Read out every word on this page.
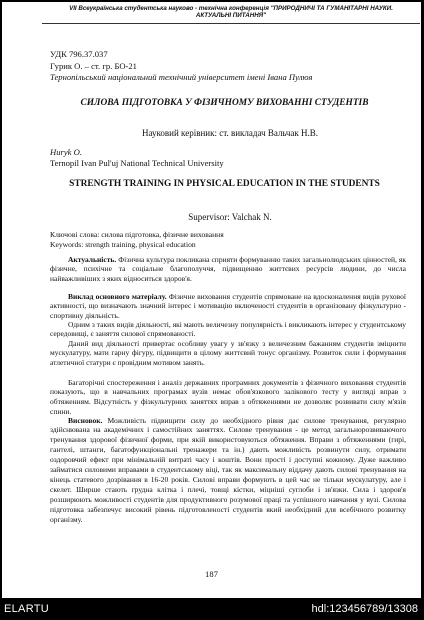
VII Всеукраїнська студентська науково - технічна конференція "ПРИРОДНИЧІ ТА ГУМАНІТАРНІ НАУКИ.
АКТУАЛЬНІ ПИТАННЯ"
УДК 796.37.037
Гурик О. – ст. гр. БО-21
Тернопільський національний технічний університет імені Івана Пулюя
СИЛОВА ПІДГОТОВКА У ФІЗИЧНОМУ ВИХОВАННІ СТУДЕНТІВ
Науковий керівник: ст. викладач Вальчак Н.В.
Huryk O.
Ternopil Ivan Pul'uj National Technical University
STRENGTH TRAINING IN PHYSICAL EDUCATION IN THE STUDENTS
Supervisor: Valchak N.
Ключові слова: силова підготовка, фізичне виховання
Keywords: strength training, physical education

Актуальність. Фізична культура покликана сприяти формуванню таких загальнолюдських цінностей, як фізичне, психічне та соціальне благополуччя, підвищенню життєвих ресурсів людини, до числа найважливіших з яких відноситься здоров'я.

Виклад основного матеріалу. Фізичне виховання студентів спрямоване на вдосконалення видів рухової активності, що визначають значний інтерес і мотивацію включеності студентів в організовану фізкультурно - спортивну діяльність.

Одним з таких видів діяльності, які мають величезну популярність і викликають інтерес у студентському середовищі, є заняття силової спрямованості.

Даний вид діяльності привертає особливу увагу у зв'язку з величезним бажанням студентів зміцнити мускулатуру, мати гарну фігуру, підвищити в цілому життєвий тонус організму. Розвиток сили і формування атлетичної статури є провідним мотивом занять.

Багаторічні спостереження і аналіз державних програмних документів з фізичного виховання студентів показують, що в навчальних програмах вузів немає обов'язкового залікового тесту у вигляді вправ з обтяженням. Відсутність у фізкультурних заняттях вправ з обтяженнями не дозволяє розвивати силу м'язів спини.

Висновок. Можливість підвищити силу до необхідного рівня дає силове тренування, регулярно здійснювана на академічних і самостійних заняттях. Силове тренування - це метод загальнорозвиваючого тренування здорової фізичної форми, при якій використовуються обтяження. Вправи з обтяженнями (гирі, гантелі, штанги, багатофункціональні тренажери та ін.) дають можливість розвинути силу, отримати оздоровчий ефект при мінімальній витраті часу і коштів. Вони прості і доступні кожному. Дуже важливо займатися силовими вправами в студентському віці, так як максимальну віддачу дають силові тренування на кінець статевого дозрівання в 16-20 років. Силові вправи формують в цей час не тільки мускулатуру, але і скелет. Ширше стають грудна клітка і плечі, товщі кістки, міцніші суглоби і зв'язки. Сила і здоров'я розширюють можливості студентів для продуктивного розумової праці та успішного навчання у вузі. Силова підготовка забезпечує високий рівень підготовленості студентів який необхідний для всебічного розвитку організму.

187
ELARTU	hdl:123456789/13308
